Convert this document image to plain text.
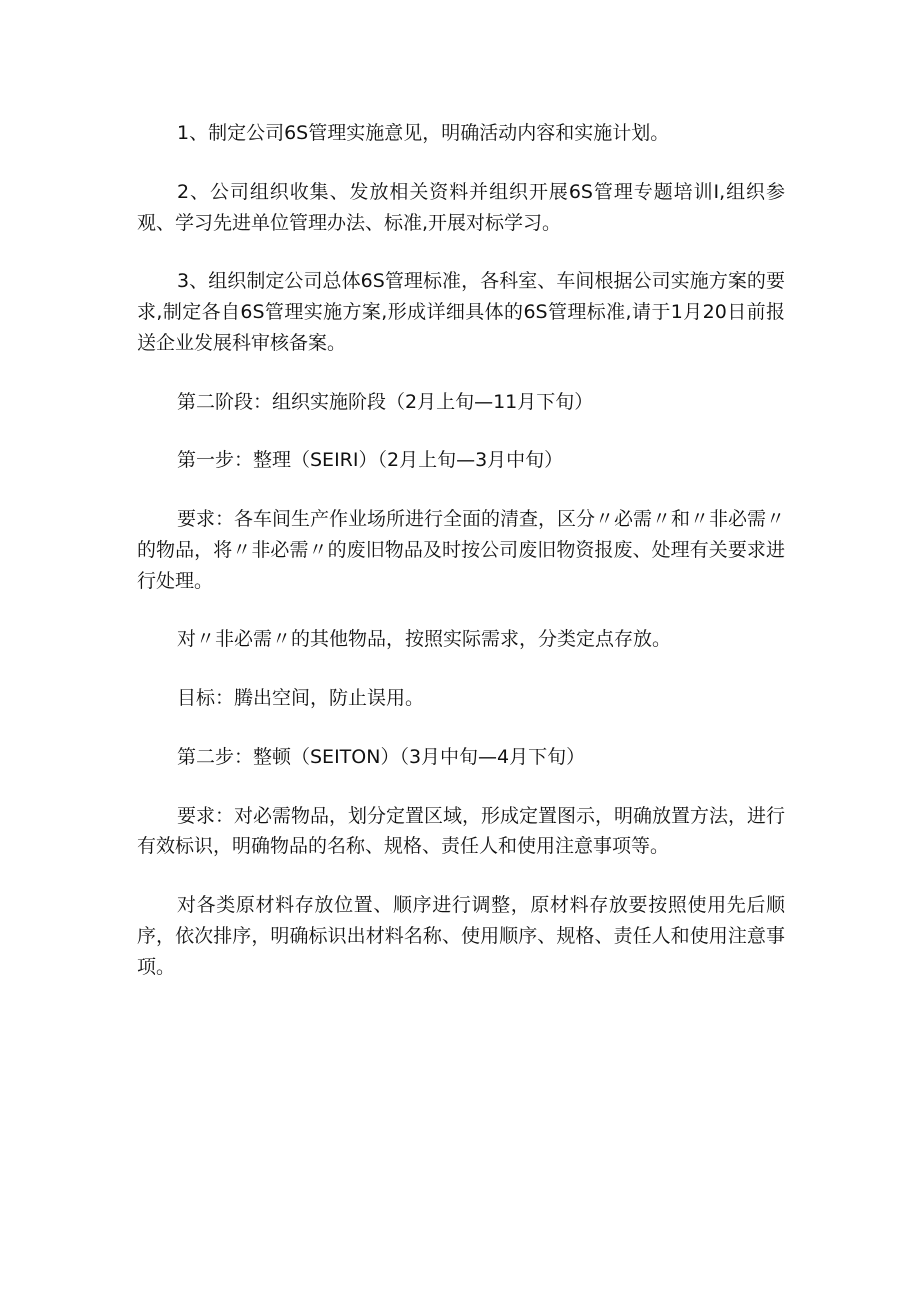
1、制定公司6S管理实施意见，明确活动内容和实施计划。

2、公司组织收集、发放相关资料并组织开展6S管理专题培训I,组织参观、学习先进单位管理办法、标准,开展对标学习。

3、组织制定公司总体6S管理标准，各科室、车间根据公司实施方案的要求,制定各自6S管理实施方案,形成详细具体的6S管理标准,请于1月20日前报送企业发展科审核备案。

第二阶段：组织实施阶段（2月上旬—11月下旬）

第一步：整理（SEIRI）（2月上旬—3月中旬）

要求：各车间生产作业场所进行全面的清查，区分〃必需〃和〃非必需〃的物品，将〃非必需〃的废旧物品及时按公司废旧物资报废、处理有关要求进行处理。

对〃非必需〃的其他物品，按照实际需求，分类定点存放。

目标：腾出空间，防止误用。

第二步：整顿（SEITON）（3月中旬—4月下旬）

要求：对必需物品，划分定置区域，形成定置图示，明确放置方法，进行有效标识，明确物品的名称、规格、责任人和使用注意事项等。

对各类原材料存放位置、顺序进行调整，原材料存放要按照使用先后顺序，依次排序，明确标识出材料名称、使用顺序、规格、责任人和使用注意事项。
